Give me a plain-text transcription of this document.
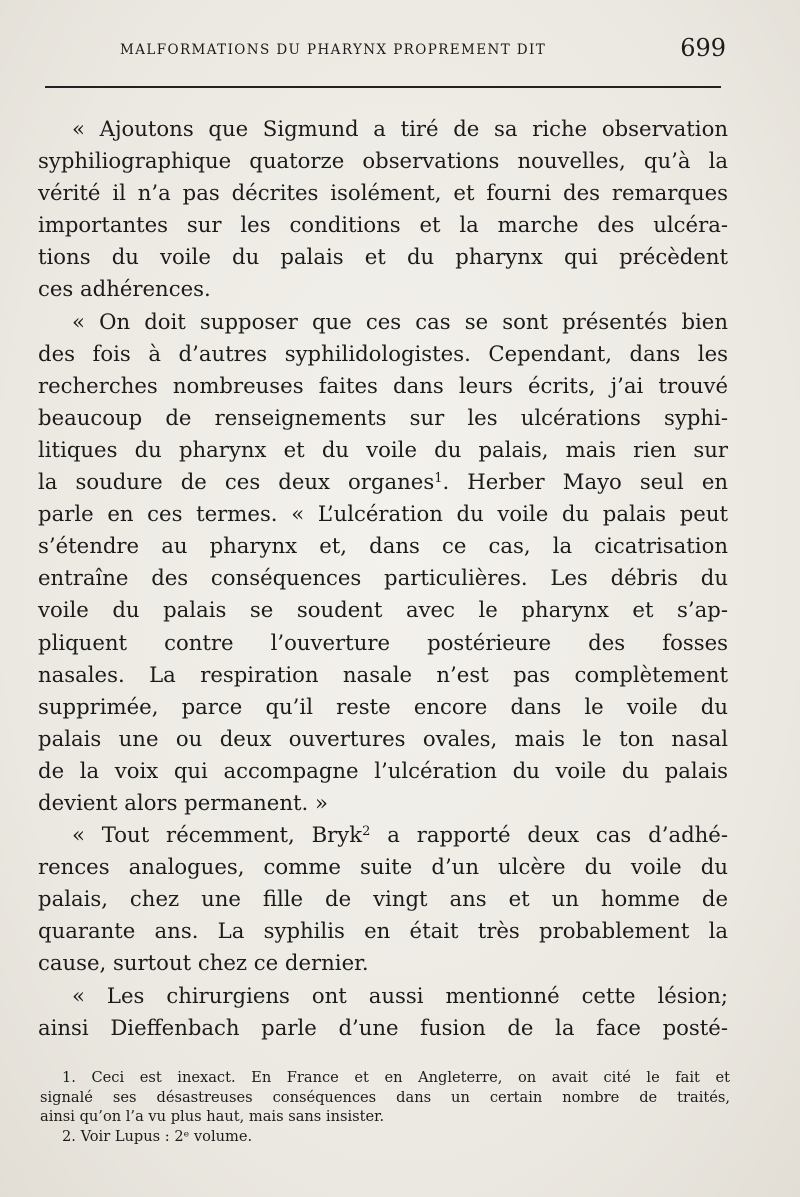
MALFORMATIONS DU PHARYNX PROPREMENT DIT	699
« Ajoutons que Sigmund a tiré de sa riche observation
syphiliographique quatorze observations nouvelles, qu’à la
vérité il n’a pas décrites isolément, et fourni des remarques
importantes sur les conditions et la marche des ulcéra-
tions du voile du palais et du pharynx qui précèdent
ces adhérences.
« On doit supposer que ces cas se sont présentés bien
des fois à d’autres syphilidologistes. Cependant, dans les
recherches nombreuses faites dans leurs écrits, j’ai trouvé
beaucoup de renseignements sur les ulcérations syphi-
litiques du pharynx et du voile du palais, mais rien sur
la soudure de ces deux organes$^1$. Herber Mayo seul en
parle en ces termes. « L’ulcération du voile du palais peut
s’étendre au pharynx et, dans ce cas, la cicatrisation
entraîne des conséquences particulières. Les débris du
voile du palais se soudent avec le pharynx et s’ap-
pliquent contre l’ouverture postérieure des fosses
nasales. La respiration nasale n’est pas complètement
supprimée, parce qu’il reste encore dans le voile du
palais une ou deux ouvertures ovales, mais le ton nasal
de la voix qui accompagne l’ulcération du voile du palais
devient alors permanent. »
« Tout récemment, Bryk$^2$ a rapporté deux cas d’adhé-
rences analogues, comme suite d’un ulcère du voile du
palais, chez une fille de vingt ans et un homme de
quarante ans. La syphilis en était très probablement la
cause, surtout chez ce dernier.
« Les chirurgiens ont aussi mentionné cette lésion;
ainsi Dieffenbach parle d’une fusion de la face posté-
1. Ceci est inexact. En France et en Angleterre, on avait cité le fait et
signalé ses désastreuses conséquences dans un certain nombre de traités,
ainsi qu’on l’a vu plus haut, mais sans insister.
2. Voir Lupus : 2ᵉ volume.
